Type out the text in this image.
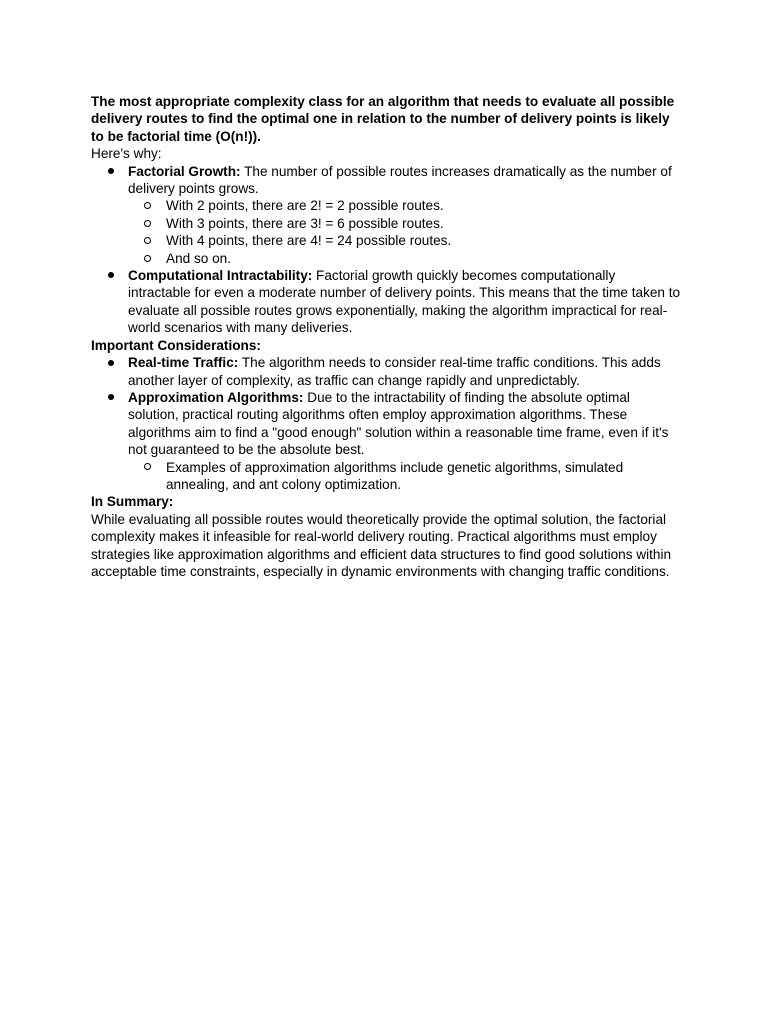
The most appropriate complexity class for an algorithm that needs to evaluate all possible delivery routes to find the optimal one in relation to the number of delivery points is likely to be factorial time (O(n!)).

Here's why:

Factorial Growth: The number of possible routes increases dramatically as the number of delivery points grows.
With 2 points, there are 2! = 2 possible routes.
With 3 points, there are 3! = 6 possible routes.
With 4 points, there are 4! = 24 possible routes.
And so on.
Computational Intractability: Factorial growth quickly becomes computationally intractable for even a moderate number of delivery points. This means that the time taken to evaluate all possible routes grows exponentially, making the algorithm impractical for real-world scenarios with many deliveries.

Important Considerations:

Real-time Traffic: The algorithm needs to consider real-time traffic conditions. This adds another layer of complexity, as traffic can change rapidly and unpredictably.
Approximation Algorithms: Due to the intractability of finding the absolute optimal solution, practical routing algorithms often employ approximation algorithms. These algorithms aim to find a "good enough" solution within a reasonable time frame, even if it's not guaranteed to be the absolute best.
Examples of approximation algorithms include genetic algorithms, simulated annealing, and ant colony optimization.

In Summary:

While evaluating all possible routes would theoretically provide the optimal solution, the factorial complexity makes it infeasible for real-world delivery routing. Practical algorithms must employ strategies like approximation algorithms and efficient data structures to find good solutions within acceptable time constraints, especially in dynamic environments with changing traffic conditions.
